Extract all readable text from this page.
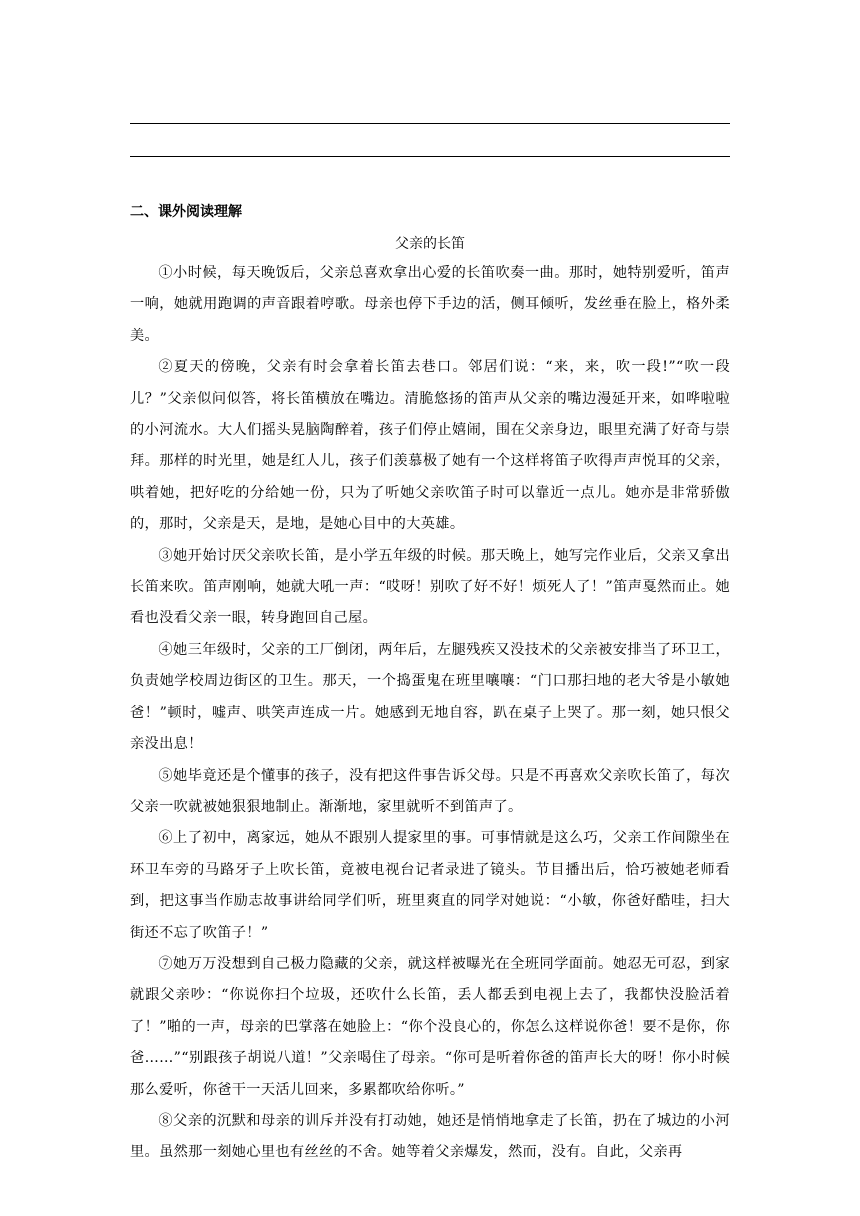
二、课外阅读理解
父亲的长笛

①小时候，每天晚饭后，父亲总喜欢拿出心爱的长笛吹奏一曲。那时，她特别爱听，笛声一响，她就用跑调的声音跟着哼歌。母亲也停下手边的活，侧耳倾听，发丝垂在脸上，格外柔美。

②夏天的傍晚，父亲有时会拿着长笛去巷口。邻居们说：“来，来，吹一段!”“吹一段儿？”父亲似问似答，将长笛横放在嘴边。清脆悠扬的笛声从父亲的嘴边漫延开来，如哗啦啦的小河流水。大人们摇头晃脑陶醉着，孩子们停止嬉闹，围在父亲身边，眼里充满了好奇与崇拜。那样的时光里，她是红人儿，孩子们羡慕极了她有一个这样将笛子吹得声声悦耳的父亲，哄着她，把好吃的分给她一份，只为了听她父亲吹笛子时可以靠近一点儿。她亦是非常骄傲的，那时，父亲是天，是地，是她心目中的大英雄。

③她开始讨厌父亲吹长笛，是小学五年级的时候。那天晚上，她写完作业后，父亲又拿出长笛来吹。笛声刚响，她就大吼一声：“哎呀！别吹了好不好！烦死人了！”笛声戛然而止。她看也没看父亲一眼，转身跑回自己屋。

④她三年级时，父亲的工厂倒闭，两年后，左腿残疾又没技术的父亲被安排当了环卫工，负责她学校周边街区的卫生。那天，一个捣蛋鬼在班里嚷嚷：“门口那扫地的老大爷是小敏她爸！”顿时，嘘声、哄笑声连成一片。她感到无地自容，趴在桌子上哭了。那一刻，她只恨父亲没出息！

⑤她毕竟还是个懂事的孩子，没有把这件事告诉父母。只是不再喜欢父亲吹长笛了，每次父亲一吹就被她狠狠地制止。渐渐地，家里就听不到笛声了。

⑥上了初中，离家远，她从不跟别人提家里的事。可事情就是这么巧，父亲工作间隙坐在环卫车旁的马路牙子上吹长笛，竟被电视台记者录进了镜头。节目播出后，恰巧被她老师看到，把这事当作励志故事讲给同学们听，班里爽直的同学对她说：“小敏，你爸好酷哇，扫大街还不忘了吹笛子！”

⑦她万万没想到自己极力隐藏的父亲，就这样被曝光在全班同学面前。她忍无可忍，到家就跟父亲吵：“你说你扫个垃圾，还吹什么长笛，丢人都丢到电视上去了，我都快没脸活着了！”啪的一声，母亲的巴掌落在她脸上：“你个没良心的，你怎么这样说你爸！要不是你，你爸……”“别跟孩子胡说八道！”父亲喝住了母亲。“你可是听着你爸的笛声长大的呀！你小时候那么爱听，你爸干一天活儿回来，多累都吹给你听。”

⑧父亲的沉默和母亲的训斥并没有打动她，她还是悄悄地拿走了长笛，扔在了城边的小河里。虽然那一刻她心里也有丝丝的不舍。她等着父亲爆发，然而，没有。自此，父亲再
